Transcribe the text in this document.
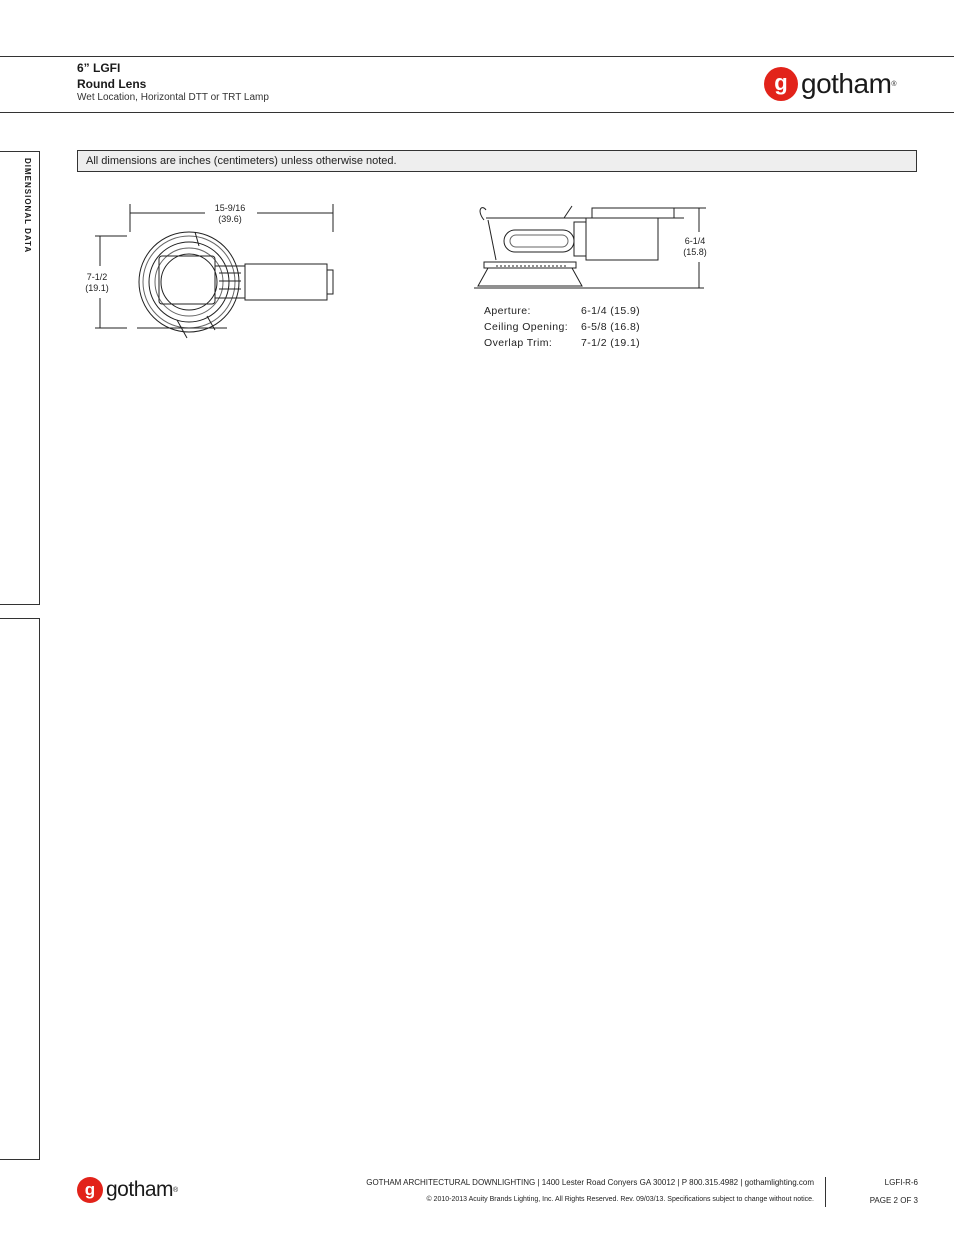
6” LGFI
Round Lens
Wet Location, Horizontal DTT or TRT Lamp
g gotham ®
DIMENSIONAL DATA	All dimensions are inches (centimeters) unless otherwise noted.
15-9/16
(39.6)
7-1/2
(19.1)
6-1/4
(15.8)
Aperture:	6-1/4 (15.9)
Ceiling Opening:	6-5/8 (16.8)
Overlap Trim:	7-1/2 (19.1)
g gotham ®
GOTHAM ARCHITECTURAL DOWNLIGHTING | 1400 Lester Road Conyers GA 30012 | P 800.315.4982 | gothamlighting.com
© 2010-2013 Acuity Brands Lighting, Inc. All Rights Reserved. Rev. 09/03/13. Specifications subject to change without notice.
LGFI-R-6
PAGE 2 OF 3
